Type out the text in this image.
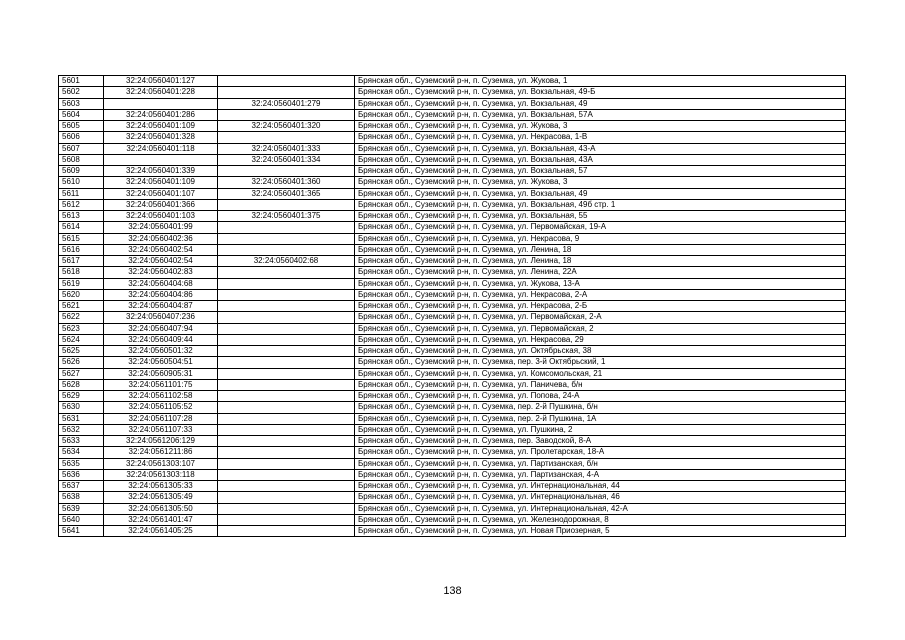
5601	32:24:0560401:127		Брянская обл., Суземский р-н, п. Суземка, ул. Жукова, 1
5602	32:24:0560401:228		Брянская обл., Суземский р-н, п. Суземка, ул. Вокзальная, 49-Б
5603		32:24:0560401:279	Брянская обл., Суземский р-н, п. Суземка, ул. Вокзальная, 49
5604	32:24:0560401:286		Брянская обл., Суземский р-н, п. Суземка, ул. Вокзальная, 57А
5605	32:24:0560401:109	32:24:0560401:320	Брянская обл., Суземский р-н, п. Суземка, ул. Жукова, 3
5606	32:24:0560401:328		Брянская обл., Суземский р-н, п. Суземка, ул. Некрасова, 1-В
5607	32:24:0560401:118	32:24:0560401:333	Брянская обл., Суземский р-н, п. Суземка, ул. Вокзальная, 43-А
5608		32:24:0560401:334	Брянская обл., Суземский р-н, п. Суземка, ул. Вокзальная, 43А
5609	32:24:0560401:339		Брянская обл., Суземский р-н, п. Суземка, ул. Вокзальная, 57
5610	32:24:0560401:109	32:24:0560401:360	Брянская обл., Суземский р-н, п. Суземка, ул. Жукова, 3
5611	32:24:0560401:107	32:24:0560401:365	Брянская обл., Суземский р-н, п. Суземка, ул. Вокзальная, 49
5612	32:24:0560401:366		Брянская обл., Суземский р-н, п. Суземка, ул. Вокзальная, 49б стр. 1
5613	32:24:0560401:103	32:24:0560401:375	Брянская обл., Суземский р-н, п. Суземка, ул. Вокзальная, 55
5614	32:24:0560401:99		Брянская обл., Суземский р-н, п. Суземка, ул. Первомайская, 19-А
5615	32:24:0560402:36		Брянская обл., Суземский р-н, п. Суземка, ул. Некрасова, 9
5616	32:24:0560402:54		Брянская обл., Суземский р-н, п. Суземка, ул. Ленина, 18
5617	32:24:0560402:54	32:24:0560402:68	Брянская обл., Суземский р-н, п. Суземка, ул. Ленина, 18
5618	32:24:0560402:83		Брянская обл., Суземский р-н, п. Суземка, ул. Ленина, 22А
5619	32:24:0560404:68		Брянская обл., Суземский р-н, п. Суземка, ул. Жукова, 13-А
5620	32:24:0560404:86		Брянская обл., Суземский р-н, п. Суземка, ул. Некрасова, 2-А
5621	32:24:0560404:87		Брянская обл., Суземский р-н, п. Суземка, ул. Некрасова, 2-Б
5622	32:24:0560407:236		Брянская обл., Суземский р-н, п. Суземка, ул. Первомайская, 2-А
5623	32:24:0560407:94		Брянская обл., Суземский р-н, п. Суземка, ул. Первомайская, 2
5624	32:24:0560409:44		Брянская обл., Суземский р-н, п. Суземка, ул. Некрасова, 29
5625	32:24:0560501:32		Брянская обл., Суземский р-н, п. Суземка, ул. Октябрьская, 38
5626	32:24:0560504:51		Брянская обл., Суземский р-н, п. Суземка, пер. 3-й Октябрьский, 1
5627	32:24:0560905:31		Брянская обл., Суземский р-н, п. Суземка, ул. Комсомольская, 21
5628	32:24:0561101:75		Брянская обл., Суземский р-н, п. Суземка, ул. Паничева, б/н
5629	32:24:0561102:58		Брянская обл., Суземский р-н, п. Суземка, ул. Попова, 24-А
5630	32:24:0561105:52		Брянская обл., Суземский р-н, п. Суземка, пер. 2-й Пушкина, б/н
5631	32:24:0561107:28		Брянская обл., Суземский р-н, п. Суземка, пер. 2-й Пушкина, 1А
5632	32:24:0561107:33		Брянская обл., Суземский р-н, п. Суземка, ул. Пушкина, 2
5633	32:24:0561206:129		Брянская обл., Суземский р-н, п. Суземка, пер. Заводской, 8-А
5634	32:24:0561211:86		Брянская обл., Суземский р-н, п. Суземка, ул. Пролетарская, 18-А
5635	32:24:0561303:107		Брянская обл., Суземский р-н, п. Суземка, ул. Партизанская, б/н
5636	32:24:0561303:118		Брянская обл., Суземский р-н, п. Суземка, ул. Партизанская, 4-А
5637	32:24:0561305:33		Брянская обл., Суземский р-н, п. Суземка, ул. Интернациональная, 44
5638	32:24:0561305:49		Брянская обл., Суземский р-н, п. Суземка, ул. Интернациональная, 46
5639	32:24:0561305:50		Брянская обл., Суземский р-н, п. Суземка, ул. Интернациональная, 42-А
5640	32:24:0561401:47		Брянская обл., Суземский р-н, п. Суземка, ул. Железнодорожная, 8
5641	32:24:0561405:25		Брянская обл., Суземский р-н, п. Суземка, ул. Новая Приозерная, 5
138
